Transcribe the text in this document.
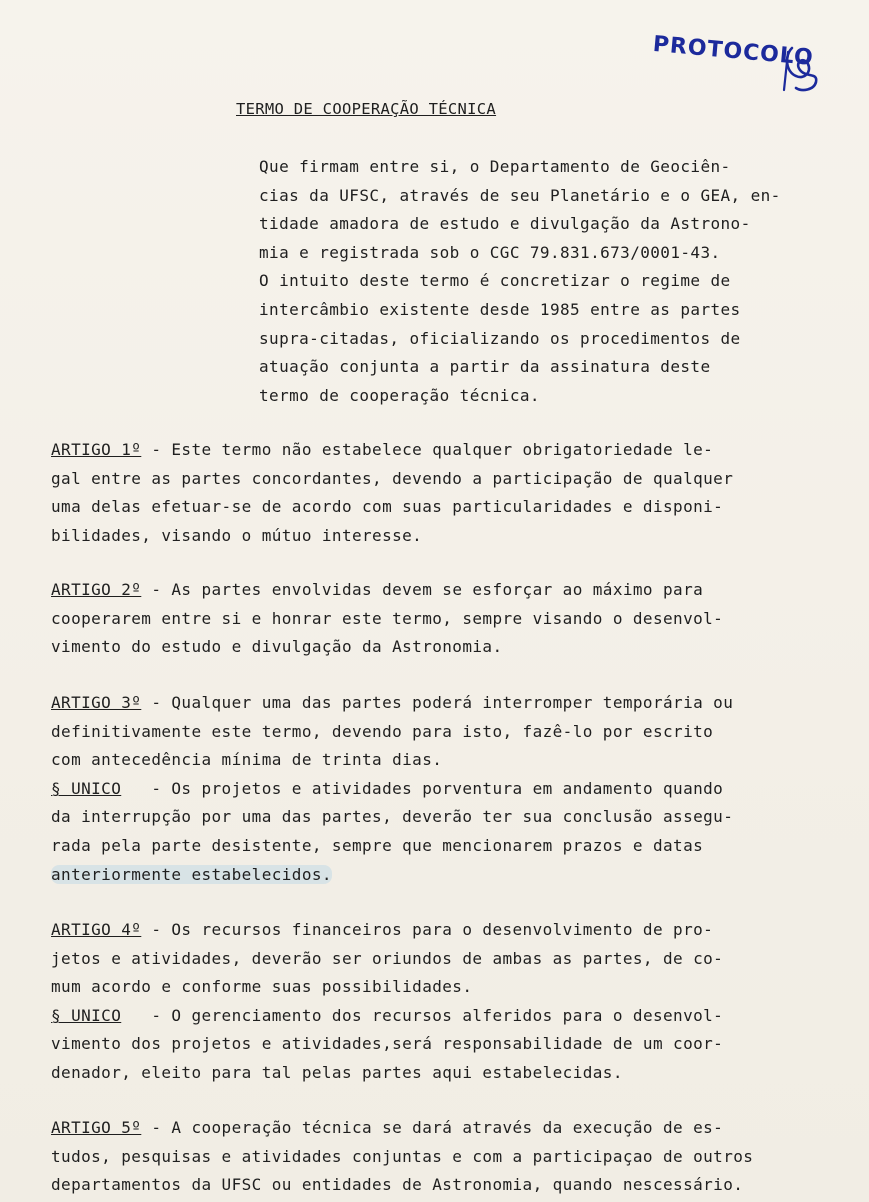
PROTOCOLO
TERMO DE COOPERAÇÃO TÉCNICA
Que firmam entre si, o Departamento de Geociên-
cias da UFSC, através de seu Planetário e o GEA, en-
tidade amadora de estudo e divulgação da Astrono-
mia e registrada sob o CGC 79.831.673/0001-43.
O intuito deste termo é concretizar o regime de
intercâmbio existente desde 1985 entre as partes
supra-citadas, oficializando os procedimentos de
atuação conjunta a partir da assinatura deste
termo de cooperação técnica.
ARTIGO 1º - Este termo não estabelece qualquer obrigatoriedade le-
gal entre as partes concordantes, devendo a participação de qualquer
uma delas efetuar-se de acordo com suas particularidades e disponi-
bilidades, visando o mútuo interesse.
ARTIGO 2º - As partes envolvidas devem se esforçar ao máximo para
cooperarem entre si e honrar este termo, sempre visando o desenvol-
vimento do estudo e divulgação da Astronomia.
ARTIGO 3º - Qualquer uma das partes poderá interromper temporária ou
definitivamente este termo, devendo para isto, fazê-lo por escrito
com antecedência mínima de trinta dias.
§ UNICO   - Os projetos e atividades porventura em andamento quando
da interrupção por uma das partes, deverão ter sua conclusão assegu-
rada pela parte desistente, sempre que mencionarem prazos e datas
anteriormente estabelecidos.
ARTIGO 4º - Os recursos financeiros para o desenvolvimento de pro-
jetos e atividades, deverão ser oriundos de ambas as partes, de co-
mum acordo e conforme suas possibilidades.
§ UNICO   - O gerenciamento dos recursos alferidos para o desenvol-
vimento dos projetos e atividades,será responsabilidade de um coor-
denador, eleito para tal pelas partes aqui estabelecidas.
ARTIGO 5º - A cooperação técnica se dará através da execução de es-
tudos, pesquisas e atividades conjuntas e com a participaçao de outros
departamentos da UFSC ou entidades de Astronomia, quando nescessário.
